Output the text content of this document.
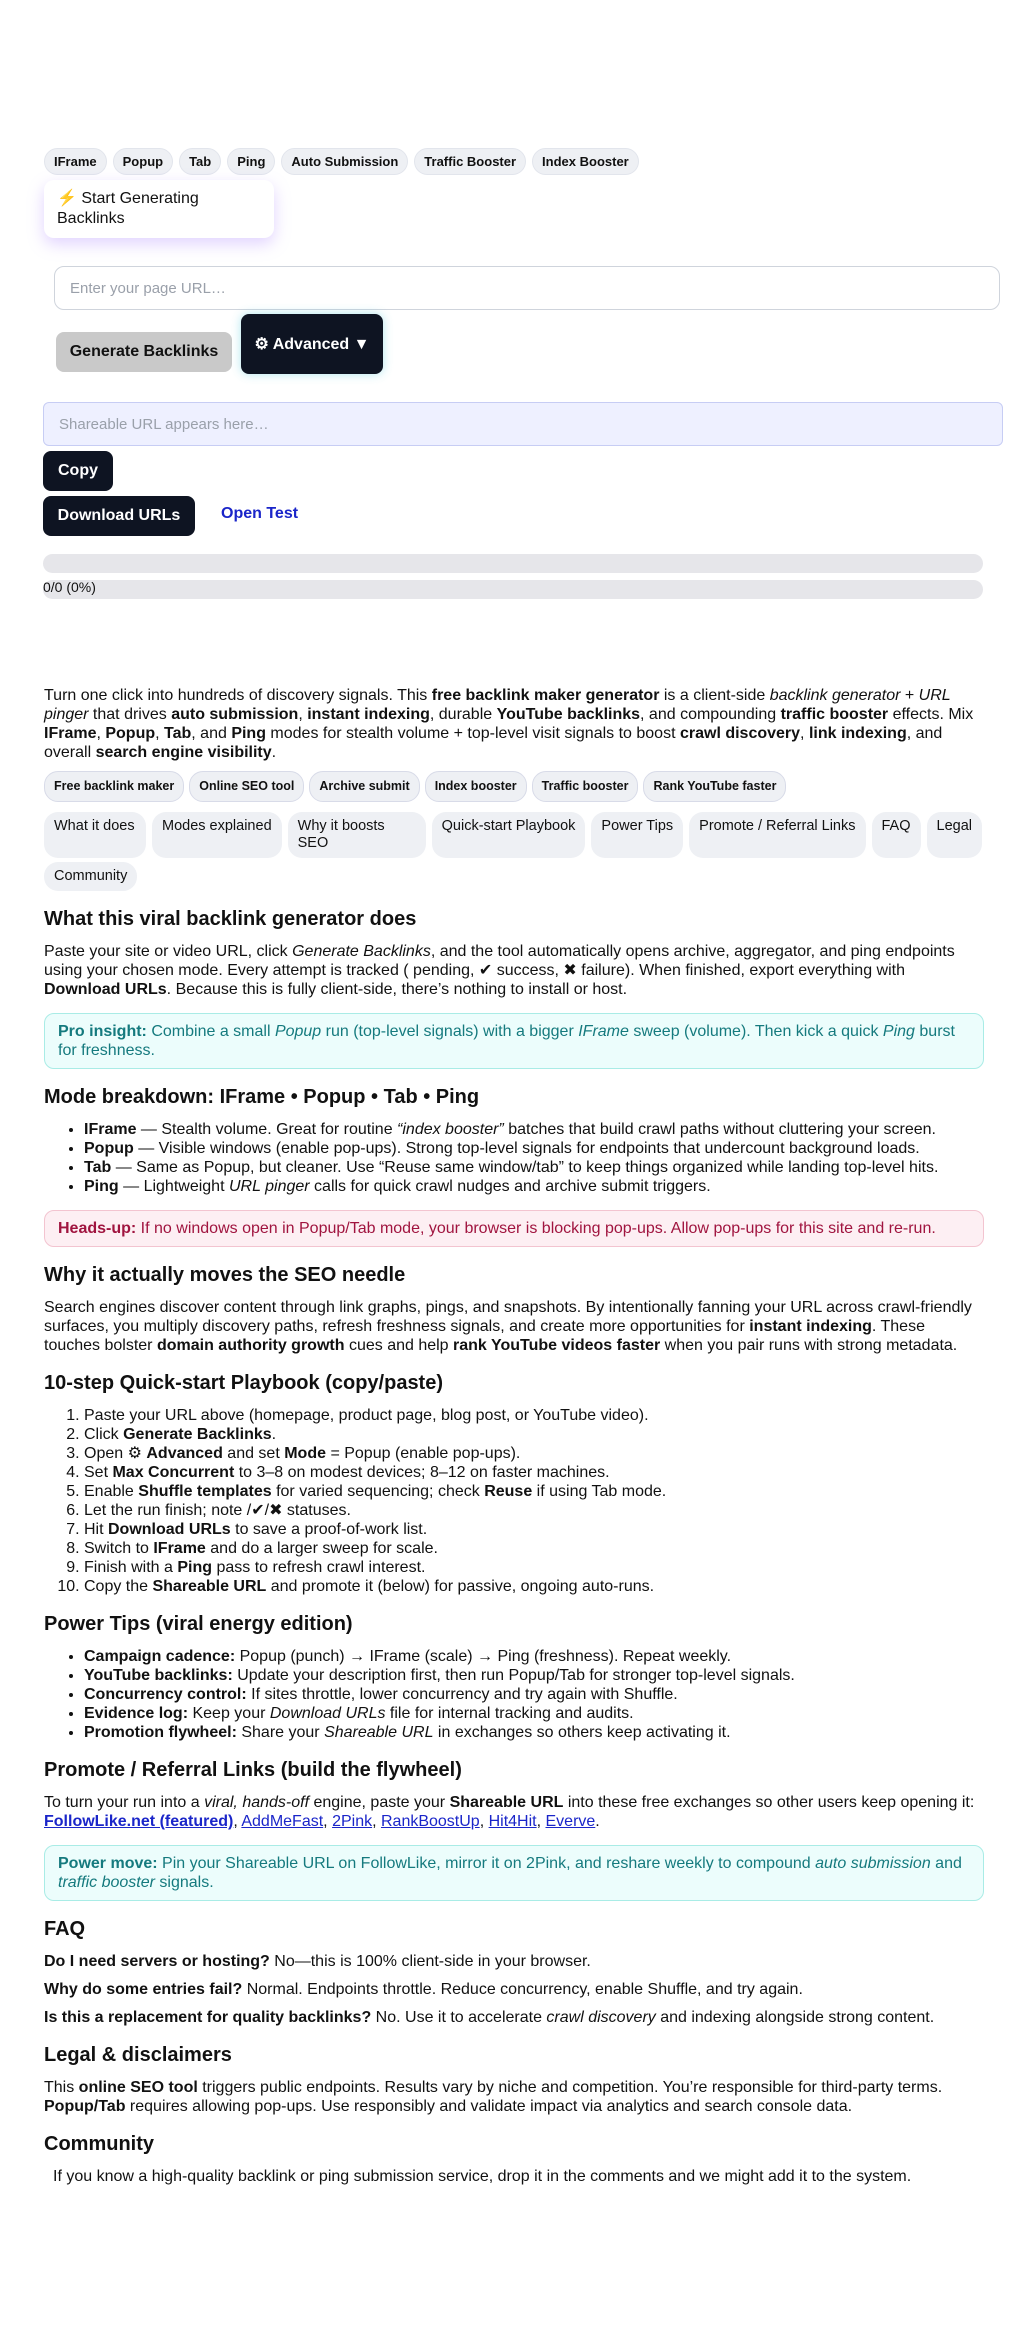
IFrame	Popup	Tab	Ping	Auto Submission	Traffic Booster	Index Booster
⚡ Start Generating Backlinks
Enter your page URL…
Generate Backlinks	⚙ Advanced ▼
Shareable URL appears here…
Copy
Download URLs	Open Test
0/0 (0%)

Turn one click into hundreds of discovery signals. This free backlink maker generator is a client-side backlink generator + URL pinger that drives auto submission, instant indexing, durable YouTube backlinks, and compounding traffic booster effects. Mix IFrame, Popup, Tab, and Ping modes for stealth volume + top-level visit signals to boost crawl discovery, link indexing, and overall search engine visibility.

Free backlink maker	Online SEO tool	Archive submit	Index booster	Traffic booster	Rank YouTube faster
What it does	Modes explained	Why it boosts SEO
Quick-start Playbook	Power Tips	Promote / Referral Links	FAQ	Legal
Community
What this viral backlink generator does

Paste your site or video URL, click Generate Backlinks, and the tool automatically opens archive, aggregator, and ping endpoints using your chosen mode. Every attempt is tracked ( pending, ✔ success, ✖ failure). When finished, export everything with Download URLs. Because this is fully client-side, there’s nothing to install or host.

Pro insight: Combine a small Popup run (top-level signals) with a bigger IFrame sweep (volume). Then kick a quick Ping burst for freshness.
Mode breakdown: IFrame • Popup • Tab • Ping
• IFrame — Stealth volume. Great for routine “index booster” batches that build crawl paths without cluttering your screen.
• Popup — Visible windows (enable pop-ups). Strong top-level signals for endpoints that undercount background loads.
• Tab — Same as Popup, but cleaner. Use “Reuse same window/tab” to keep things organized while landing top-level hits.
• Ping — Lightweight URL pinger calls for quick crawl nudges and archive submit triggers.
Heads-up: If no windows open in Popup/Tab mode, your browser is blocking pop-ups. Allow pop-ups for this site and re-run.
Why it actually moves the SEO needle

Search engines discover content through link graphs, pings, and snapshots. By intentionally fanning your URL across crawl-friendly surfaces, you multiply discovery paths, refresh freshness signals, and create more opportunities for instant indexing. These touches bolster domain authority growth cues and help rank YouTube videos faster when you pair runs with strong metadata.

10-step Quick-start Playbook (copy/paste)
1. Paste your URL above (homepage, product page, blog post, or YouTube video).
2. Click Generate Backlinks.
3. Open ⚙ Advanced and set Mode = Popup (enable pop-ups).
4. Set Max Concurrent to 3–8 on modest devices; 8–12 on faster machines.
5. Enable Shuffle templates for varied sequencing; check Reuse if using Tab mode.
6. Let the run finish; note /✔/✖ statuses.
7. Hit Download URLs to save a proof-of-work list.
8. Switch to IFrame and do a larger sweep for scale.
9. Finish with a Ping pass to refresh crawl interest.
10. Copy the Shareable URL and promote it (below) for passive, ongoing auto-runs.
Power Tips (viral energy edition)
• Campaign cadence: Popup (punch) → IFrame (scale) → Ping (freshness). Repeat weekly.
• YouTube backlinks: Update your description first, then run Popup/Tab for stronger top-level signals.
• Concurrency control: If sites throttle, lower concurrency and try again with Shuffle.
• Evidence log: Keep your Download URLs file for internal tracking and audits.
• Promotion flywheel: Share your Shareable URL in exchanges so others keep activating it.
Promote / Referral Links (build the flywheel)

To turn your run into a viral, hands-off engine, paste your Shareable URL into these free exchanges so other users keep opening it: FollowLike.net (featured), AddMeFast, 2Pink, RankBoostUp, Hit4Hit, Everve.

Power move: Pin your Shareable URL on FollowLike, mirror it on 2Pink, and reshare weekly to compound auto submission and traffic booster signals.
FAQ

Do I need servers or hosting? No—this is 100% client-side in your browser.

Why do some entries fail? Normal. Endpoints throttle. Reduce concurrency, enable Shuffle, and try again.

Is this a replacement for quality backlinks? No. Use it to accelerate crawl discovery and indexing alongside strong content.

Legal & disclaimers

This online SEO tool triggers public endpoints. Results vary by niche and competition. You’re responsible for third-party terms. Popup/Tab requires allowing pop-ups. Use responsibly and validate impact via analytics and search console data.

Community

If you know a high-quality backlink or ping submission service, drop it in the comments and we might add it to the system.
